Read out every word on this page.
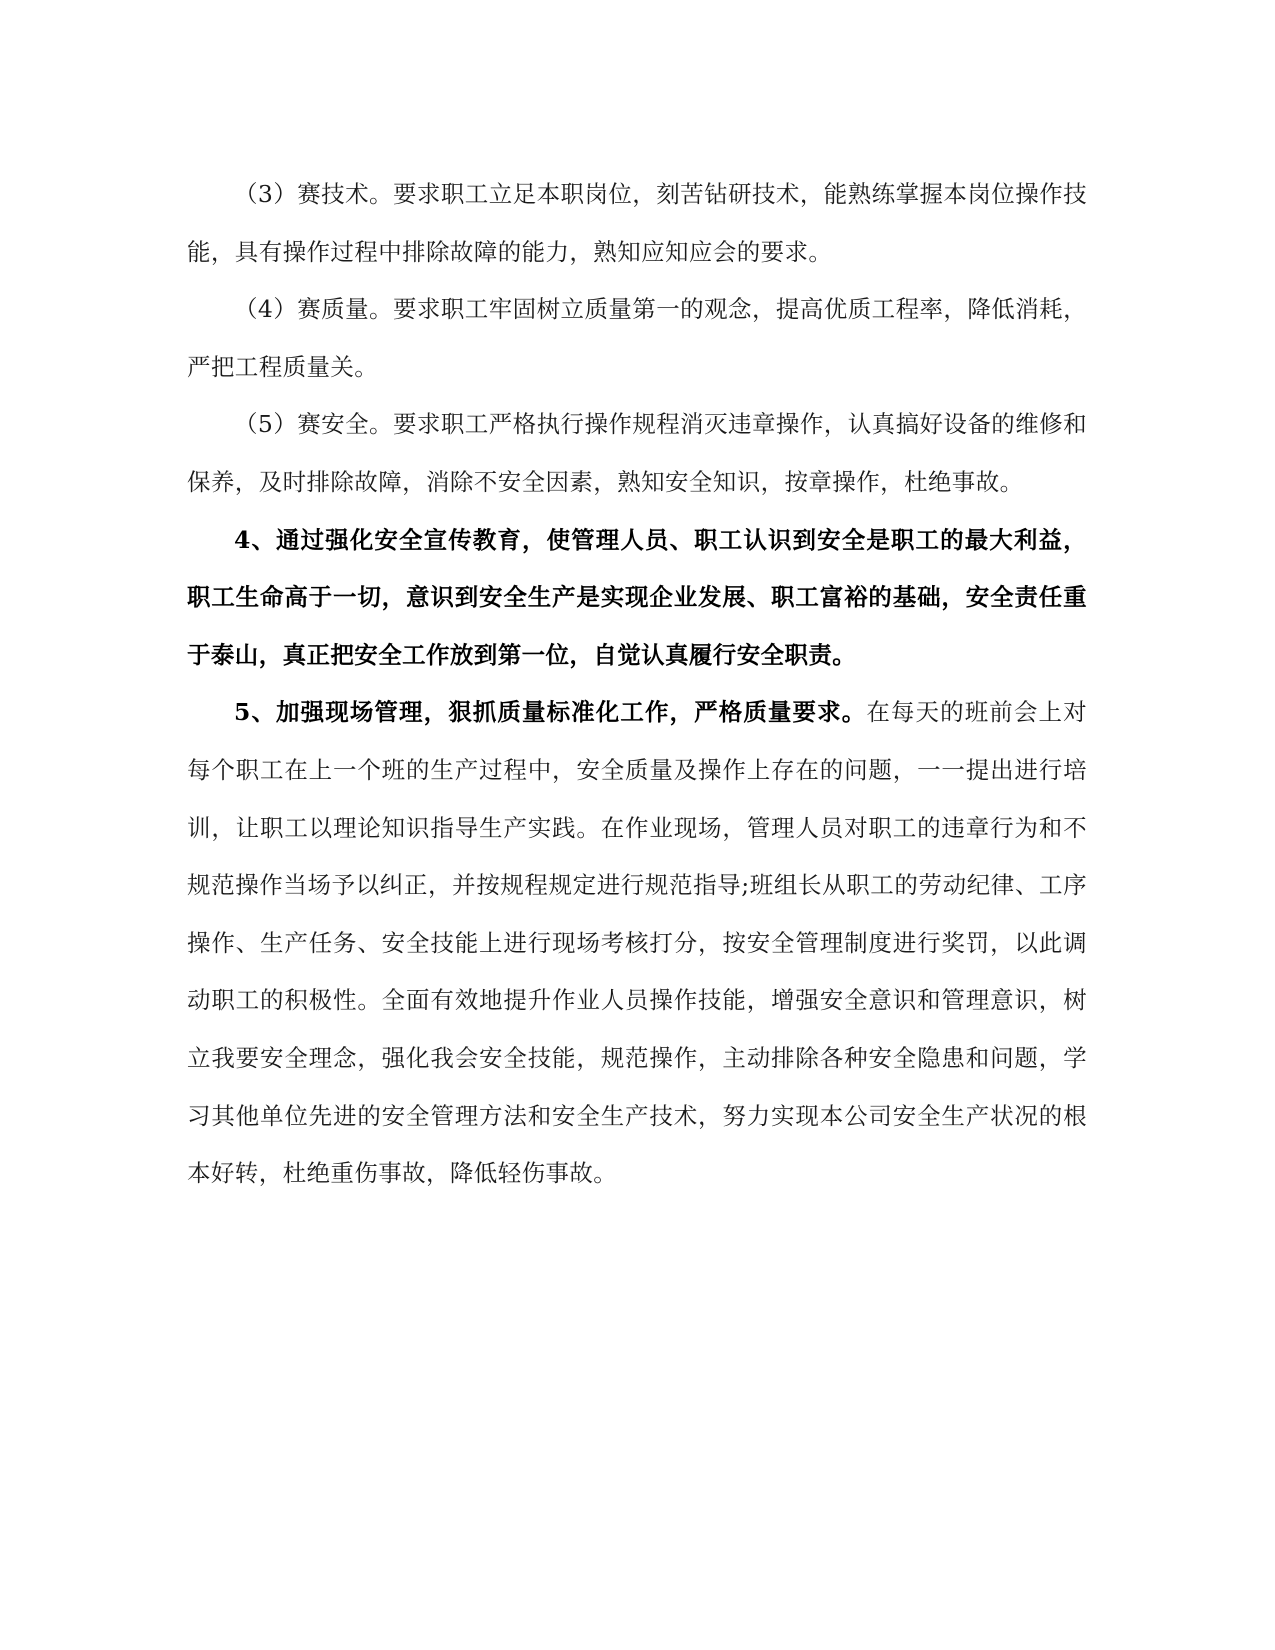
（3）赛技术。要求职工立足本职岗位，刻苦钻研技术，能熟练掌握本岗位操作技能，具有操作过程中排除故障的能力，熟知应知应会的要求。

（4）赛质量。要求职工牢固树立质量第一的观念，提高优质工程率，降低消耗，严把工程质量关。

（5）赛安全。要求职工严格执行操作规程消灭违章操作，认真搞好设备的维修和保养，及时排除故障，消除不安全因素，熟知安全知识，按章操作，杜绝事故。

4、通过强化安全宣传教育，使管理人员、职工认识到安全是职工的最大利益，职工生命高于一切，意识到安全生产是实现企业发展、职工富裕的基础，安全责任重于泰山，真正把安全工作放到第一位，自觉认真履行安全职责。

5、加强现场管理，狠抓质量标准化工作，严格质量要求。在每天的班前会上对每个职工在上一个班的生产过程中，安全质量及操作上存在的问题，一一提出进行培训，让职工以理论知识指导生产实践。在作业现场，管理人员对职工的违章行为和不规范操作当场予以纠正，并按规程规定进行规范指导;班组长从职工的劳动纪律、工序操作、生产任务、安全技能上进行现场考核打分，按安全管理制度进行奖罚，以此调动职工的积极性。全面有效地提升作业人员操作技能，增强安全意识和管理意识，树立我要安全理念，强化我会安全技能，规范操作，主动排除各种安全隐患和问题，学习其他单位先进的安全管理方法和安全生产技术，努力实现本公司安全生产状况的根本好转，杜绝重伤事故，降低轻伤事故。
